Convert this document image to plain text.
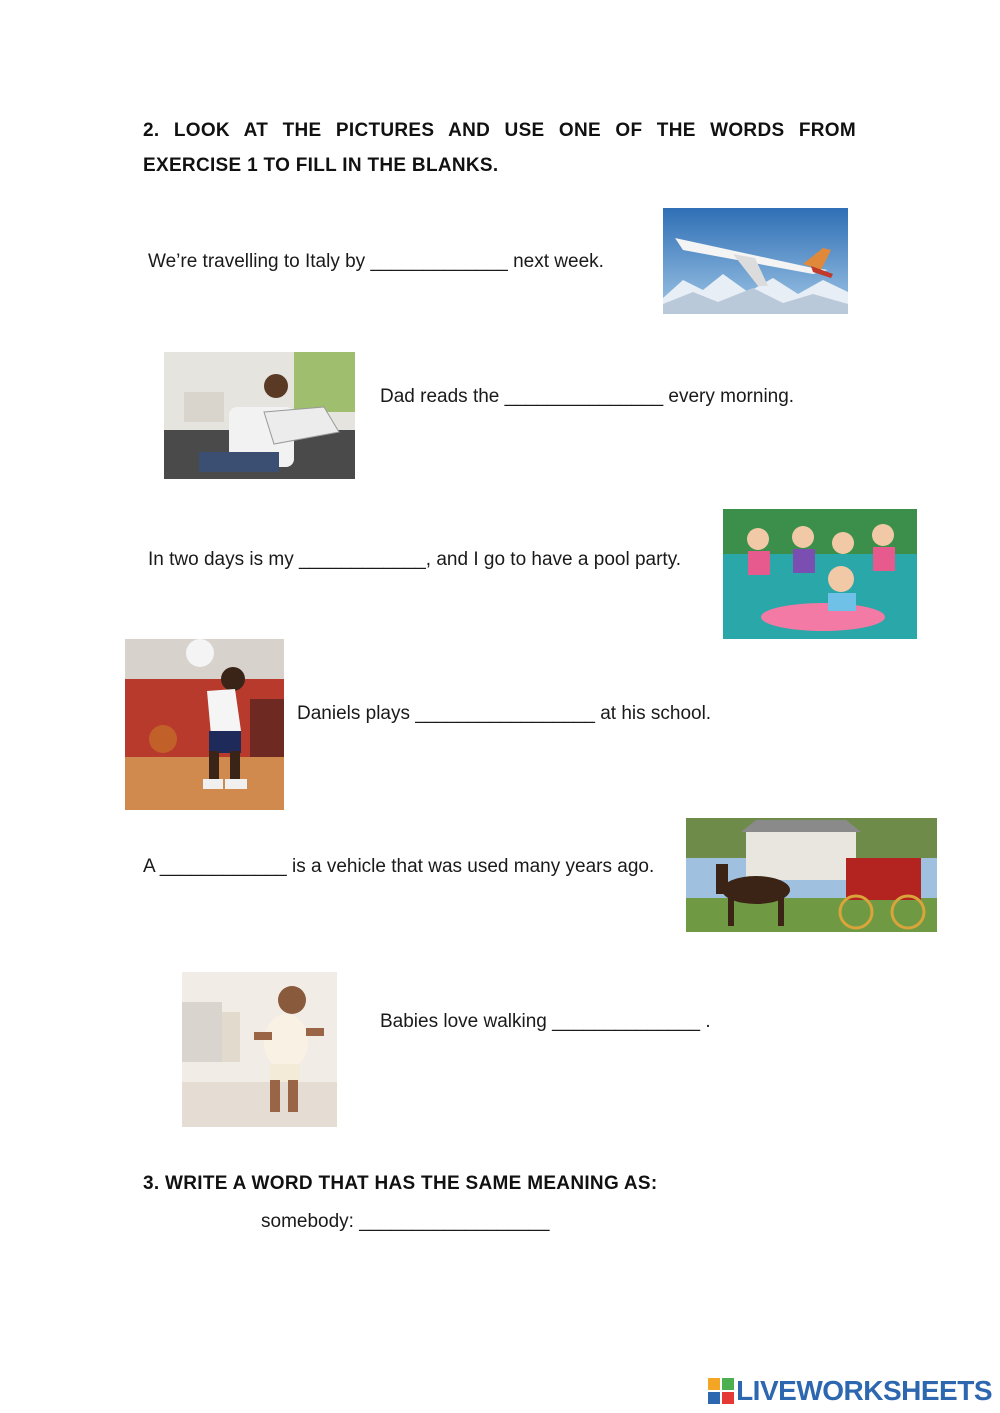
2. LOOK AT THE PICTURES AND USE ONE OF THE WORDS FROM EXERCISE 1 TO FILL IN THE BLANKS.
We’re travelling to Italy by _____________ next week.
Dad reads the _______________ every morning.
In two days is my ____________, and I go to have a pool party.
Daniels plays _________________ at his school.
A ____________ is a vehicle that was used many years ago.
Babies love walking ______________ .
3. WRITE A WORD THAT HAS THE SAME MEANING AS:
somebody: __________________
LIVEWORKSHEETS
